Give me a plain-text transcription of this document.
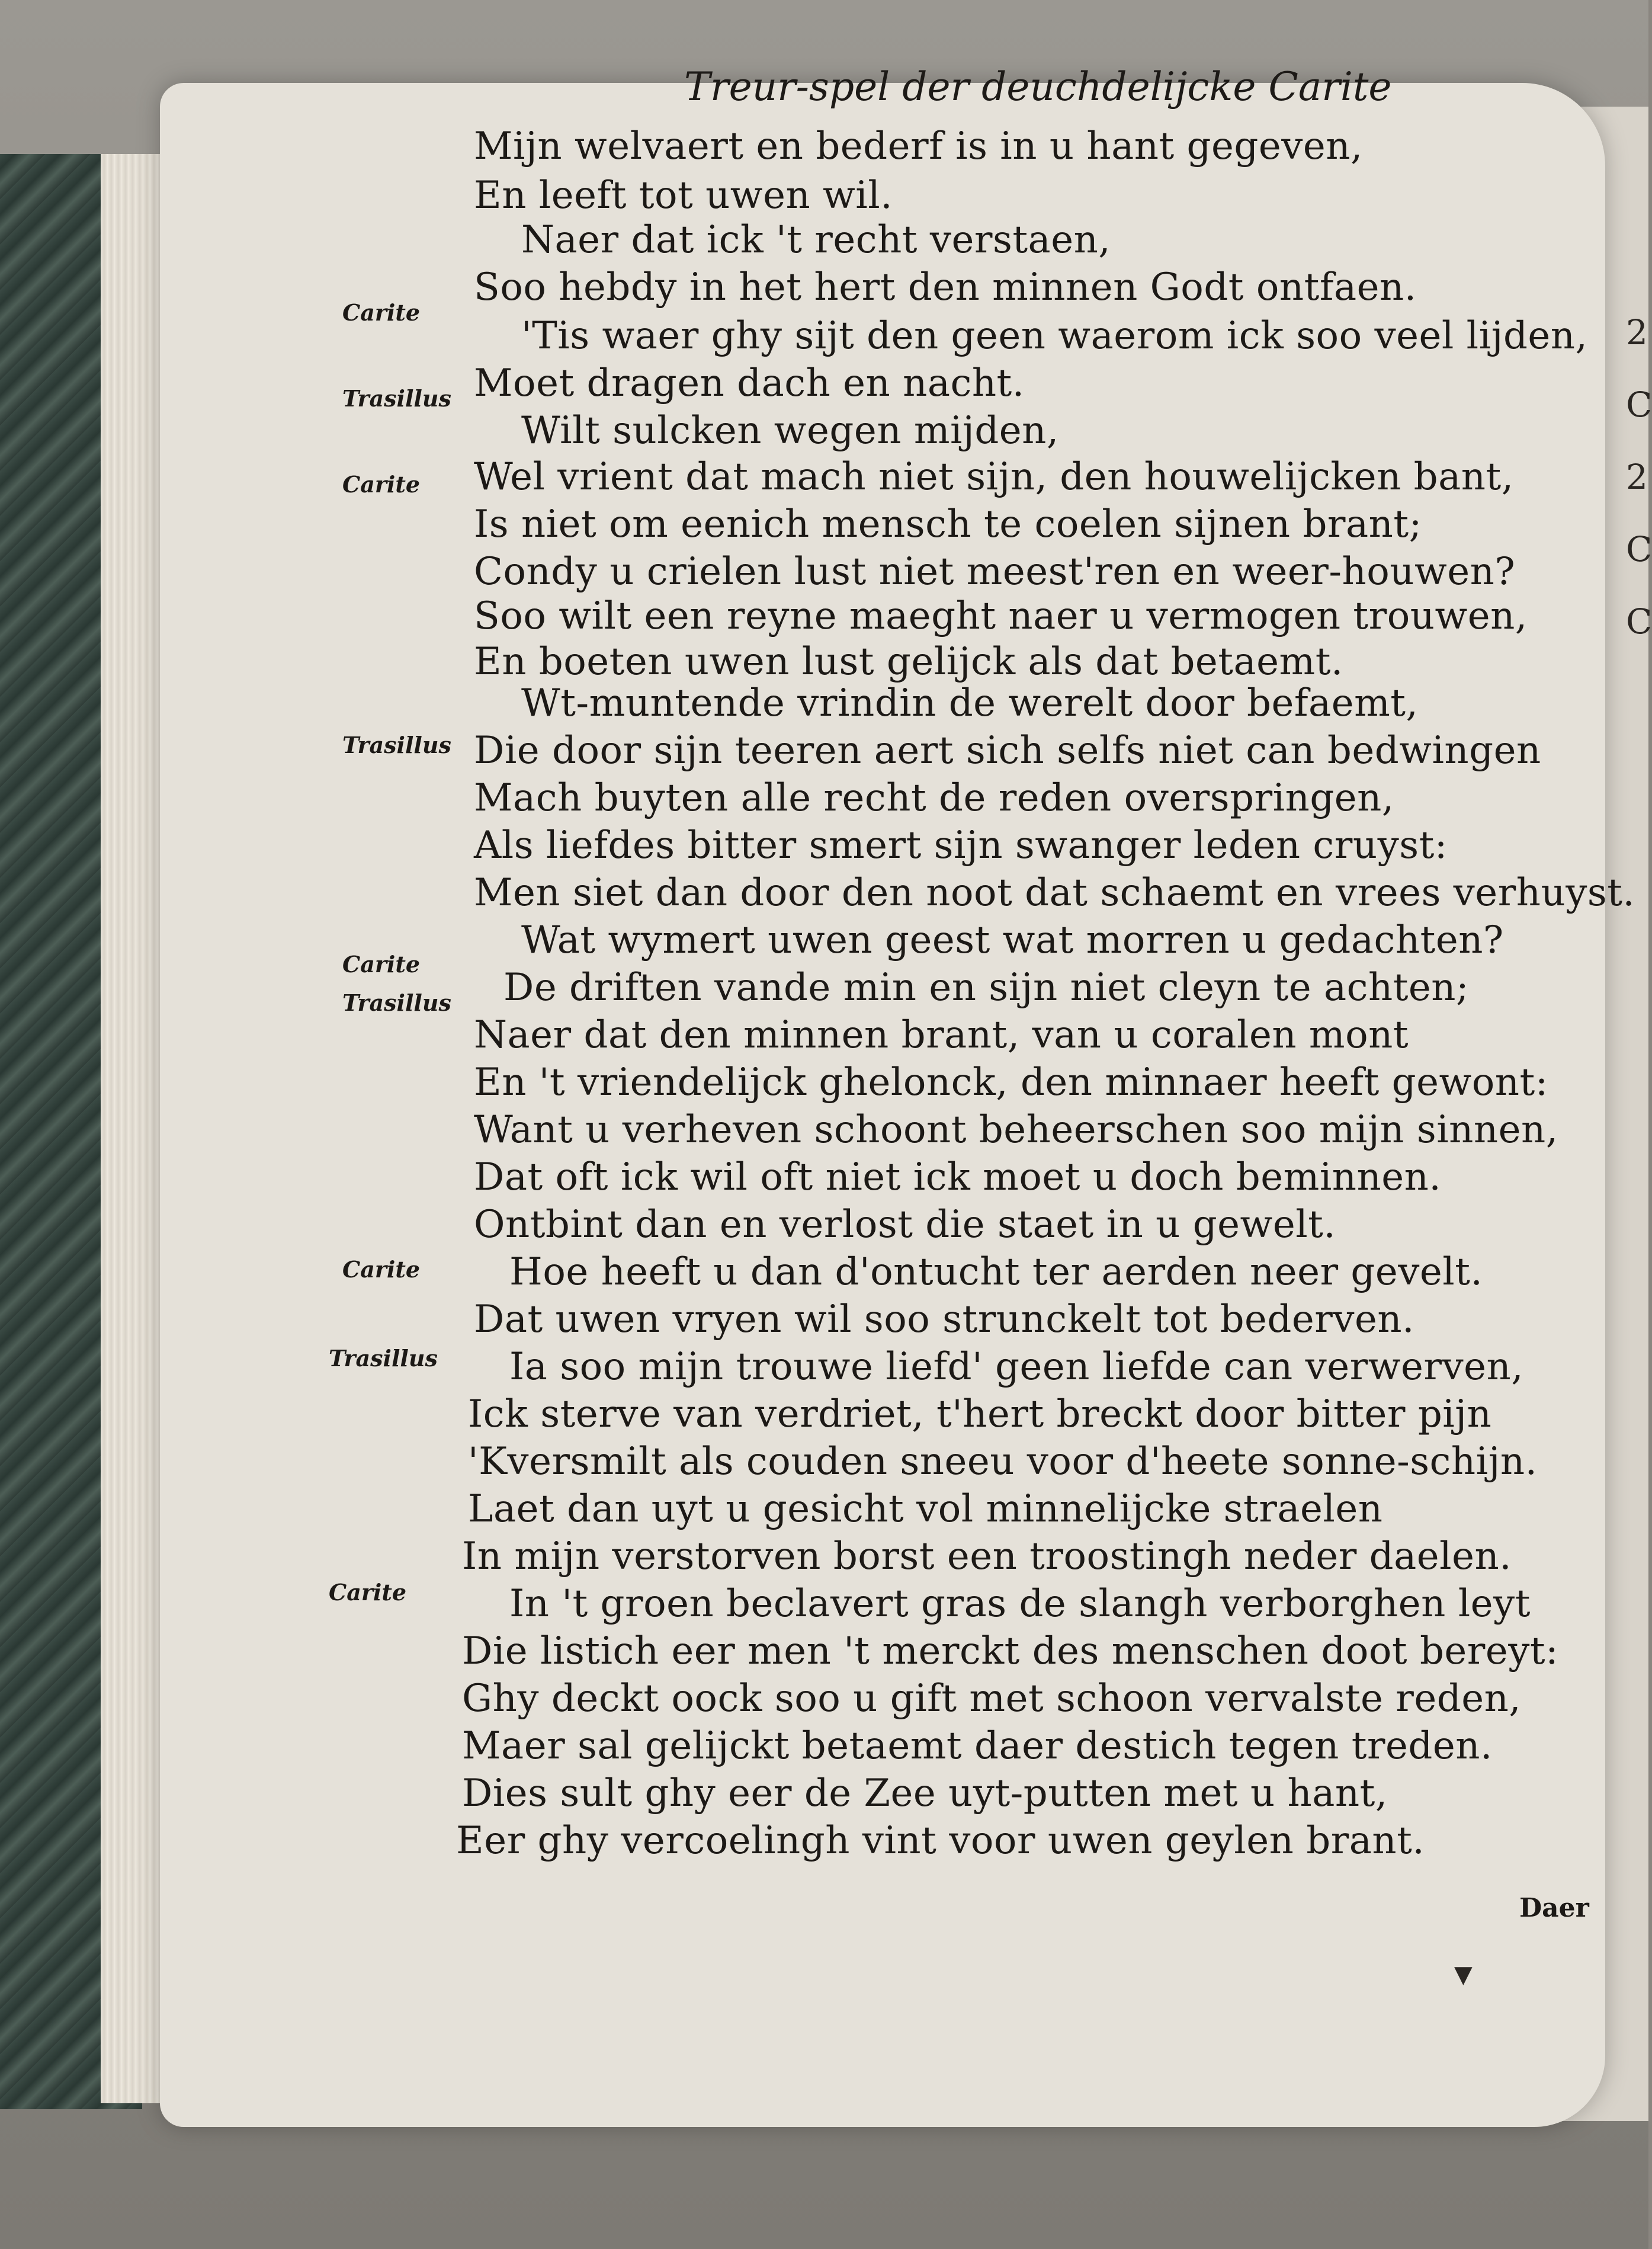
2
C
2
C
C
Treur-spel der deuchdelijcke Carite
Carite
Trasillus
Carite
Trasillus
Carite
Trasillus
Carite
Trasillus
Carite
Mijn welvaert en bederf is in u hant gegeven,
En leeft tot uwen wil.
Naer dat ick 't recht verstaen,
Soo hebdy in het hert den minnen Godt ontfaen.
'Tis waer ghy sijt den geen waerom ick soo veel lijden,
Moet dragen dach en nacht.
Wilt sulcken wegen mijden,
Wel vrient dat mach niet sijn, den houwelijcken bant,
Is niet om eenich mensch te coelen sijnen brant;
Condy u crielen lust niet meest'ren en weer-houwen?
Soo wilt een reyne maeght naer u vermogen trouwen,
En boeten uwen lust gelijck als dat betaemt.
Wt-muntende vrindin de werelt door befaemt,
Die door sijn teeren aert sich selfs niet can bedwingen
Mach buyten alle recht de reden overspringen,
Als liefdes bitter smert sijn swanger leden cruyst:
Men siet dan door den noot dat schaemt en vrees verhuyst.
Wat wymert uwen geest wat morren u gedachten?
De driften vande min en sijn niet cleyn te achten;
Naer dat den minnen brant, van u coralen mont
En 't vriendelijck ghelonck, den minnaer heeft gewont:
Want u verheven schoont beheerschen soo mijn sinnen,
Dat oft ick wil oft niet ick moet u doch beminnen.
Ontbint dan en verlost die staet in u gewelt.
Hoe heeft u dan d'ontucht ter aerden neer gevelt.
Dat uwen vryen wil soo strunckelt tot bederven.
Ia soo mijn trouwe liefd' geen liefde can verwerven,
Ick sterve van verdriet, t'hert breckt door bitter pijn
'Kversmilt als couden sneeu voor d'heete sonne-schijn.
Laet dan uyt u gesicht vol minnelijcke straelen
In mijn verstorven borst een troostingh neder daelen.
In 't groen beclavert gras de slangh verborghen leyt
Die listich eer men 't merckt des menschen doot bereyt:
Ghy deckt oock soo u gift met schoon vervalste reden,
Maer sal gelijckt betaemt daer destich tegen treden.
Dies sult ghy eer de Zee uyt-putten met u hant,
Eer ghy vercoelingh vint voor uwen geylen brant.
Daer
▼
